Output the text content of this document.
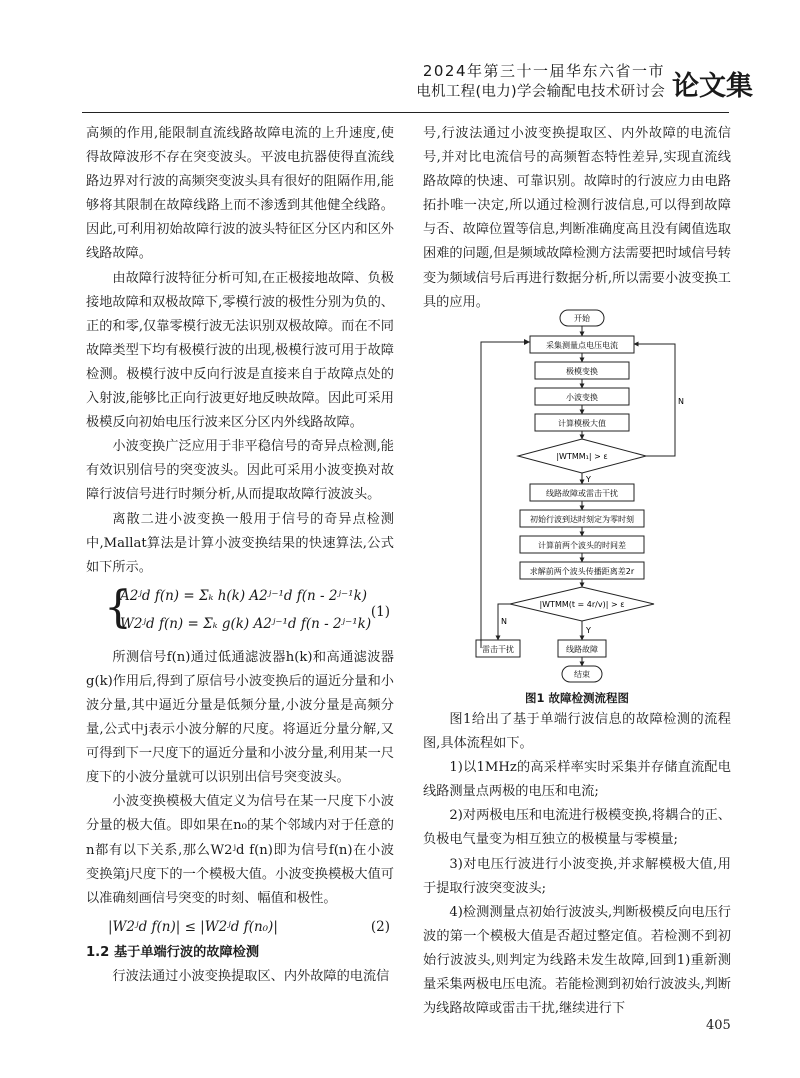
2024年第三十一届华东六省一市
电机工程(电力)学会输配电技术研讨会 论文集

高频的作用,能限制直流线路故障电流的上升速度,使得故障波形不存在突变波头。平波电抗器使得直流线路边界对行波的高频突变波头具有很好的阻隔作用,能够将其限制在故障线路上而不渗透到其他健全线路。因此,可利用初始故障行波的波头特征区分区内和区外线路故障。

由故障行波特征分析可知,在正极接地故障、负极接地故障和双极故障下,零模行波的极性分别为负的、正的和零,仅靠零模行波无法识别双极故障。而在不同故障类型下均有极模行波的出现,极模行波可用于故障检测。极模行波中反向行波是直接来自于故障点处的入射波,能够比正向行波更好地反映故障。因此可采用极模反向初始电压行波来区分区内外线路故障。

小波变换广泛应用于非平稳信号的奇异点检测,能有效识别信号的突变波头。因此可采用小波变换对故障行波信号进行时频分析,从而提取故障行波波头。

离散二进小波变换一般用于信号的奇异点检测中,Mallat算法是计算小波变换结果的快速算法,公式如下所示。

{
A2ʲd f(n) = Σₖ h(k) A2ʲ⁻¹d f(n - 2ʲ⁻¹k)
W2ʲd f(n) = Σₖ g(k) A2ʲ⁻¹d f(n - 2ʲ⁻¹k)
(1)

所测信号f(n)通过低通滤波器h(k)和高通滤波器g(k)作用后,得到了原信号小波变换后的逼近分量和小波分量,其中逼近分量是低频分量,小波分量是高频分量,公式中j表示小波分解的尺度。将逼近分量分解,又可得到下一尺度下的逼近分量和小波分量,利用某一尺度下的小波分量就可以识别出信号突变波头。

小波变换模极大值定义为信号在某一尺度下小波分量的极大值。即如果在n₀的某个邻域内对于任意的n都有以下关系,那么W2ʲd f(n)即为信号f(n)在小波变换第j尺度下的一个模极大值。小波变换模极大值可以准确刻画信号突变的时刻、幅值和极性。

|W2ʲd f(n)| ≤ |W2ʲd f(n₀)|	(2)

1.2 基于单端行波的故障检测

行波法通过小波变换提取区、内外故障的电流信

号,行波法通过小波变换提取区、内外故障的电流信号,并对比电流信号的高频暂态特性差异,实现直流线路故障的快速、可靠识别。故障时的行波应力由电路拓扑唯一决定,所以通过检测行波信息,可以得到故障与否、故障位置等信息,判断准确度高且没有阈值选取困难的问题,但是频域故障检测方法需要把时域信号转变为频域信号后再进行数据分析,所以需要小波变换工具的应用。

开始
采集测量点电压电流
极模变换
小波变换
计算模极大值
|WTMM₁| > ε
N
Y
线路故障或雷击干扰
初始行波到达时刻定为零时刻
计算前两个波头的时间差
求解前两个波头传播距离差2r
|WTMM(t = 4r/v)| > ε
N
Y
雷击干扰	线路故障
结束
图1 故障检测流程图

图1给出了基于单端行波信息的故障检测的流程图,具体流程如下。

1)以1MHz的高采样率实时采集并存储直流配电线路测量点两极的电压和电流;

2)对两极电压和电流进行极模变换,将耦合的正、负极电气量变为相互独立的极模量与零模量;

3)对电压行波进行小波变换,并求解模极大值,用于提取行波突变波头;

4)检测测量点初始行波波头,判断极模反向电压行波的第一个模极大值是否超过整定值。若检测不到初始行波波头,则判定为线路未发生故障,回到1)重新测量采集两极电压电流。若能检测到初始行波波头,判断为线路故障或雷击干扰,继续进行下

405
